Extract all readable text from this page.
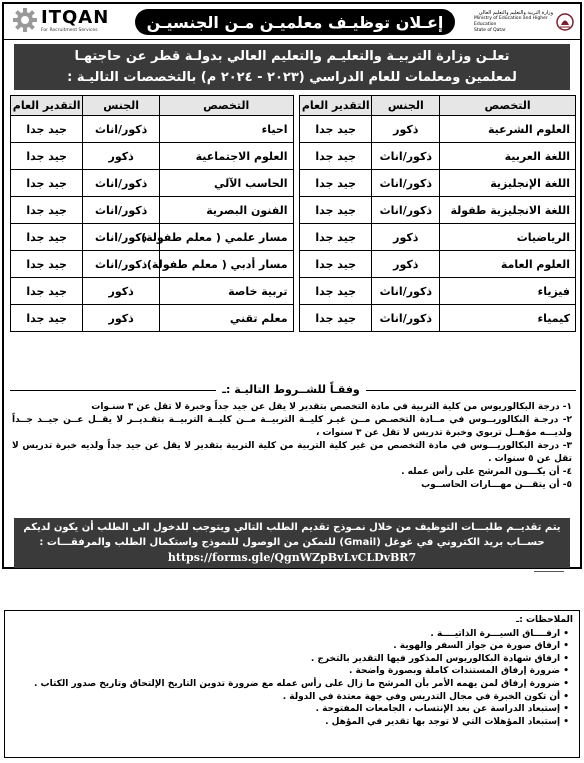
وزارة التربية والتعليم والتعليم العالي
Ministry of Education and Higher Education
State of Qatar
إعـلان توظيـف معلميـن مـن الجنسيـن
ITQAN
For Recruitment Services
تعلـن وزارة التربيـة والتعليـم والتعليم العالي بدولـة قطر عن حاجتهـا
لمعلمين ومعلمات للعام الدراسي (٢٠٢٣ - ٢٠٢٤ م) بالتخصصات التاليـة :
التخصص	الجنس	التقدير العام		التخصص	الجنس	التقدير العام
العلوم الشرعية	ذكور	جيد جدا		احياء	ذكور/اناث	جيد جدا
اللغة العربية	ذكور/اناث	جيد جدا		العلوم الاجتماعية	ذكور	جيد جدا
اللغة الإنجليزية	ذكور/اناث	جيد جدا		الحاسب الآلي	ذكور/اناث	جيد جدا
اللغة الانجليزية طفولة	ذكور/اناث	جيد جدا		الفنون البصرية	ذكور/اناث	جيد جدا
الرياضيات	ذكور	جيد جدا		مسار علمي ( معلم طفولة)	ذكور/اناث	جيد جدا
العلوم العامة	ذكور	جيد جدا		مسار أدبي ( معلم طفولة)	ذكور/اناث	جيد جدا
فيزياء	ذكور/اناث	جيد جدا		تربية خاصة	ذكور	جيد جدا
كيمياء	ذكور/اناث	جيد جدا		معلم تقني	ذكور	جيد جدا
وفقـاً للشــروط التاليـة :ـ

١- درجة البكالوريوس من كلية التربية في مادة التخصص بتقدير لا يقل عن جيد جداً وخبرة لا تقل عن ٣ سنـوات

٢- درجـة البكالوريــوس في مــادة التخصـص مــن غيـر كليــة التربيــة مــن كليــة التربيــة بتقـديــر لا يقــل عــن جيــد جــداً ولديـــه مؤهــل تربوي وخبرة تدريس لا تقل عن ٣ سنوات ،

٣- درجة البكالوريـــوس في مادة التخصص من غير كلية التربية من كلية التربية بتقدير لا يقل عن جيد جداً ولديه خبرة تدريس لا تقل عن ٥ سنوات .

٤- أن يكـــون المرشح على رأس عمله .

٥- أن يتقـــن مهـــارات الحاســوب

يتم تقديــم طلبـــات التوظيف من خلال نمـوذج تقديم الطلب التالي ويتوجب للدخول الى الطلب أن يكون لديكم
حســاب بريد الكتروني في غوغل (Gmail) للتمكن من الوصول للنموذج واستكمال الطلب والمرفقـــات :
https://forms.gle/QgnWZpBvLvCLDvBR7
الملاحظات :ـ
• ارفــــاق السيـــرة الذاتيــــة .
• ارفاق صورة من جواز السفر والهوية .
• ارفاق شهادة البكالوريوس المذكور فيها التقدير بالتخرج .
• ضرورة إرفاق المستندات كاملة وبصورة واضحة .
• ضرورة إرفاق لمن يهمه الأمر بأن المرشح ما زال على رأس عمله مع ضرورة تدوين التاريخ الإلتحاق وتاريخ صدور الكتاب .
• أن تكون الخبرة في مجال التدريس وفي جهة معتدة في الدولة .
• إستبعاد الدراسة عن بعد الإنتساب ، الجامعات المفتوحة .
• إستبعاد المؤهلات التي لا توجد بها تقدير في المؤهل .
